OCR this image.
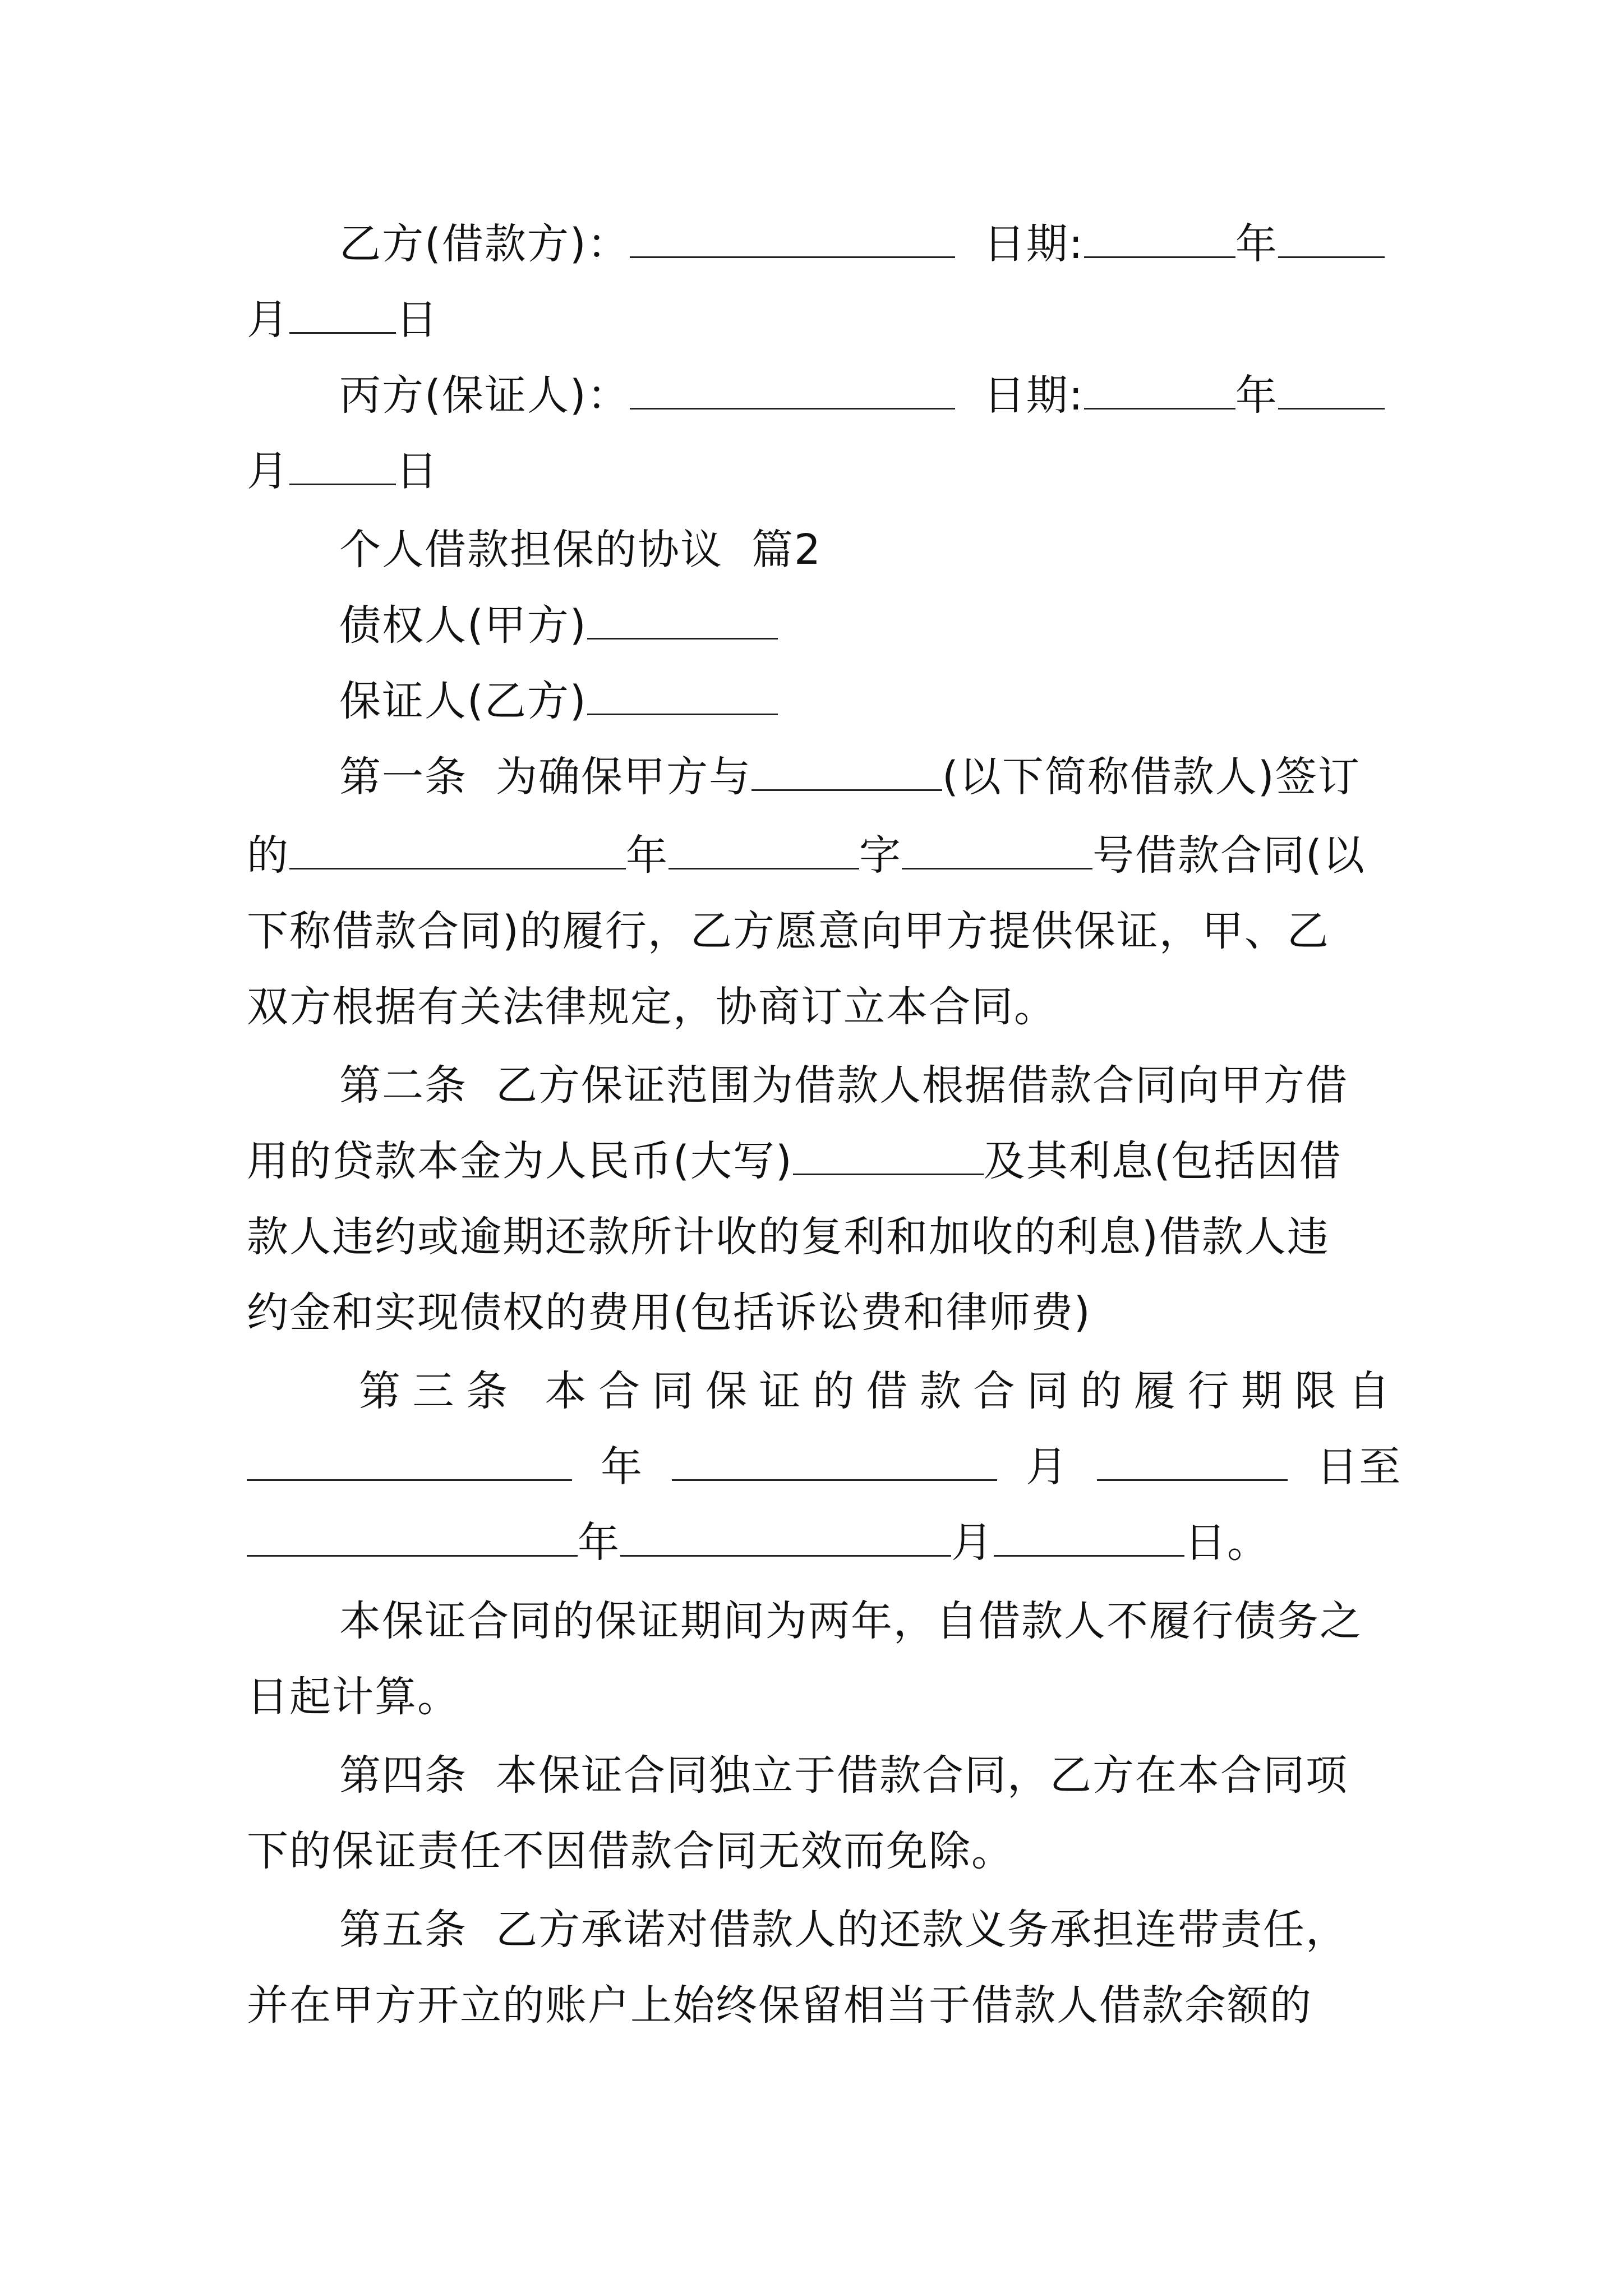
乙方(借款方)：	日期:	年
月	日
丙方(保证人)：	日期:	年
月	日
个人借款担保的协议  篇2
债权人(甲方)
保证人(乙方)
第一条  为确保甲方与	(以下简称借款人)签订
的	年	字	号借款合同(以
下称借款合同)的履行，乙方愿意向甲方提供保证，甲、乙
双方根据有关法律规定，协商订立本合同。
第二条  乙方保证范围为借款人根据借款合同向甲方借
用的贷款本金为人民币(大写)	及其利息(包括因借
款人违约或逾期还款所计收的复利和加收的利息)借款人违
约金和实现债权的费用(包括诉讼费和律师费)
第三条 本合同保证的借款合同的履行期限自
年	月	日至
年	月	日。
本保证合同的保证期间为两年，自借款人不履行债务之
日起计算。
第四条  本保证合同独立于借款合同，乙方在本合同项
下的保证责任不因借款合同无效而免除。
第五条  乙方承诺对借款人的还款义务承担连带责任，
并在甲方开立的账户上始终保留相当于借款人借款余额的
